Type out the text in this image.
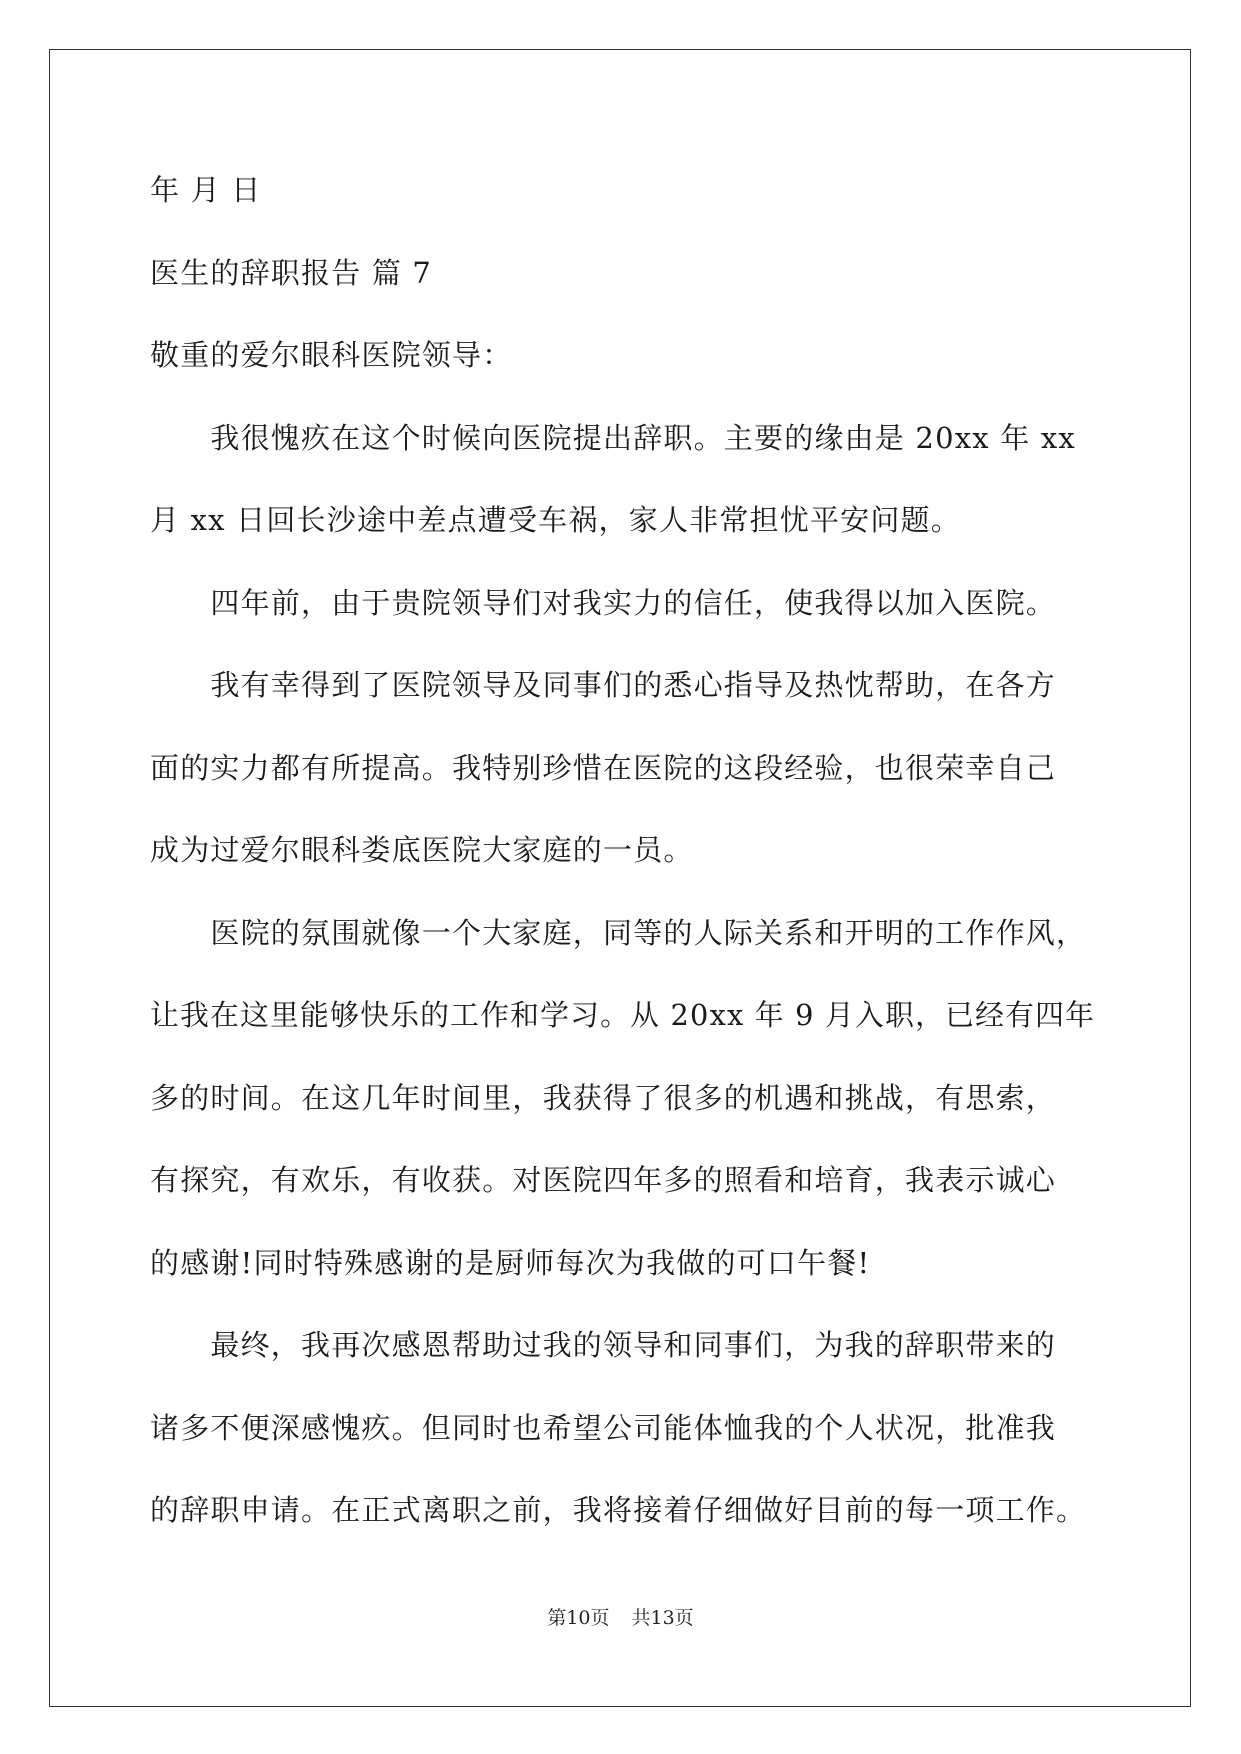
年 月 日
医生的辞职报告 篇 7
敬重的爱尔眼科医院领导：
　　我很愧疚在这个时候向医院提出辞职。主要的缘由是 20xx 年 xx
月 xx 日回长沙途中差点遭受车祸，家人非常担忧平安问题。
　　四年前，由于贵院领导们对我实力的信任，使我得以加入医院。
　　我有幸得到了医院领导及同事们的悉心指导及热忱帮助，在各方
面的实力都有所提高。我特别珍惜在医院的这段经验，也很荣幸自己
成为过爱尔眼科娄底医院大家庭的一员。
　　医院的氛围就像一个大家庭，同等的人际关系和开明的工作作风，
让我在这里能够快乐的工作和学习。从 20xx 年 9 月入职，已经有四年
多的时间。在这几年时间里，我获得了很多的机遇和挑战，有思索，
有探究，有欢乐，有收获。对医院四年多的照看和培育，我表示诚心
的感谢!同时特殊感谢的是厨师每次为我做的可口午餐!
　　最终，我再次感恩帮助过我的领导和同事们，为我的辞职带来的
诸多不便深感愧疚。但同时也希望公司能体恤我的个人状况，批准我
的辞职申请。在正式离职之前，我将接着仔细做好目前的每一项工作。
第10页 共13页
